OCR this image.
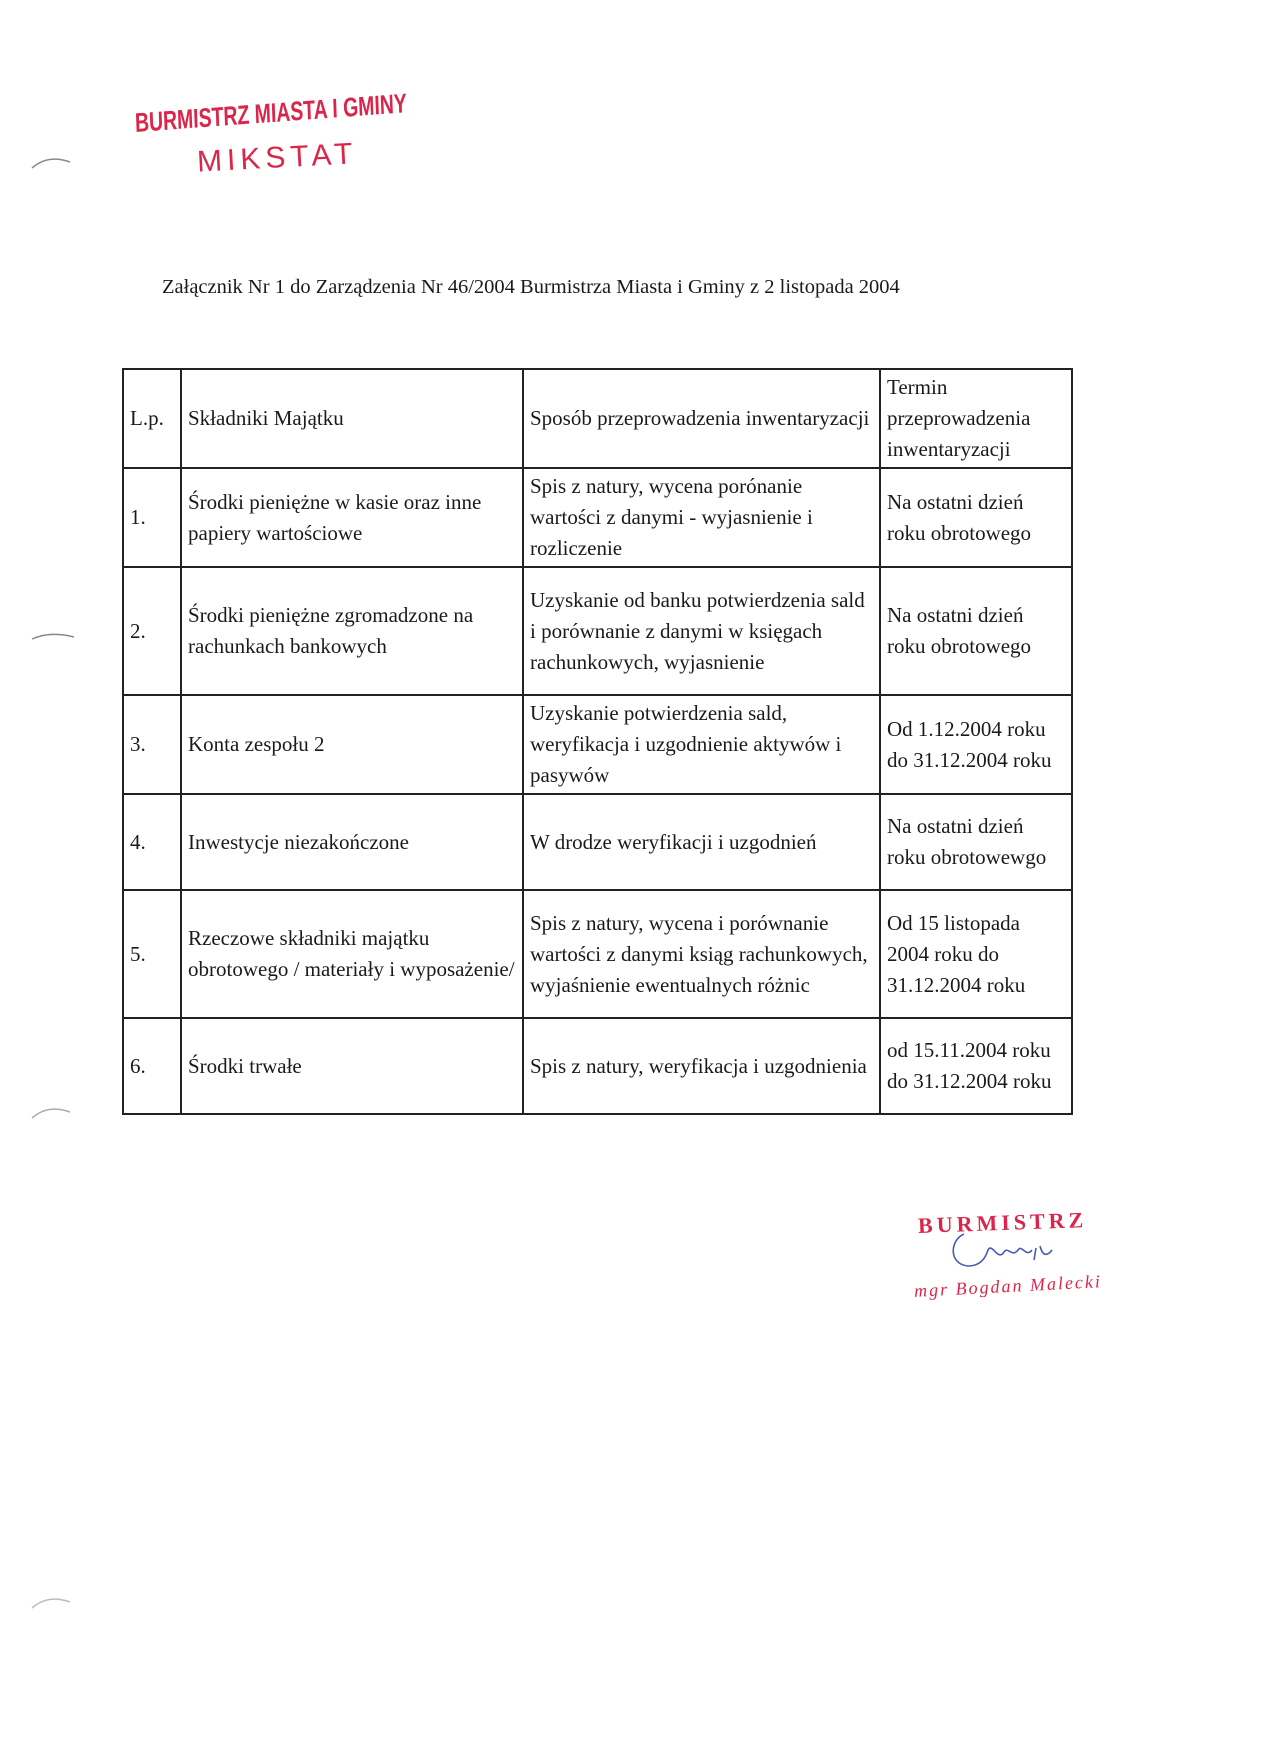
BURMISTRZ MIASTA I GMINY
MIKSTAT
Załącznik Nr 1 do Zarządzenia Nr 46/2004 Burmistrza Miasta i Gminy z 2 listopada 2004
L.p.	Składniki Majątku	Sposób przeprowadzenia inwentaryzacji	Termin przeprowadzenia inwentaryzacji
1.	Środki pieniężne w kasie oraz inne papiery wartościowe	Spis z natury, wycena porónanie wartości z danymi - wyjasnienie i rozliczenie	Na ostatni dzień roku obrotowego
2.	Środki pieniężne zgromadzone na rachunkach bankowych	Uzyskanie od banku potwierdzenia sald i porównanie z danymi w księgach rachunkowych, wyjasnienie	Na ostatni dzień roku obrotowego
3.	Konta zespołu 2	Uzyskanie potwierdzenia sald, weryfikacja i uzgodnienie aktywów i pasywów	Od 1.12.2004 roku do 31.12.2004 roku
4.	Inwestycje niezakończone	W drodze weryfikacji i uzgodnień	Na ostatni dzień roku obrotowewgo
5.	Rzeczowe składniki majątku obrotowego / materiały i wyposażenie/	Spis z natury, wycena i porównanie wartości z danymi ksiąg rachunkowych, wyjaśnienie ewentualnych różnic	Od 15 listopada 2004 roku do 31.12.2004 roku
6.	Środki trwałe	Spis z natury, weryfikacja i uzgodnienia	od 15.11.2004 roku do 31.12.2004 roku
BURMISTRZ
mgr Bogdan Malecki
